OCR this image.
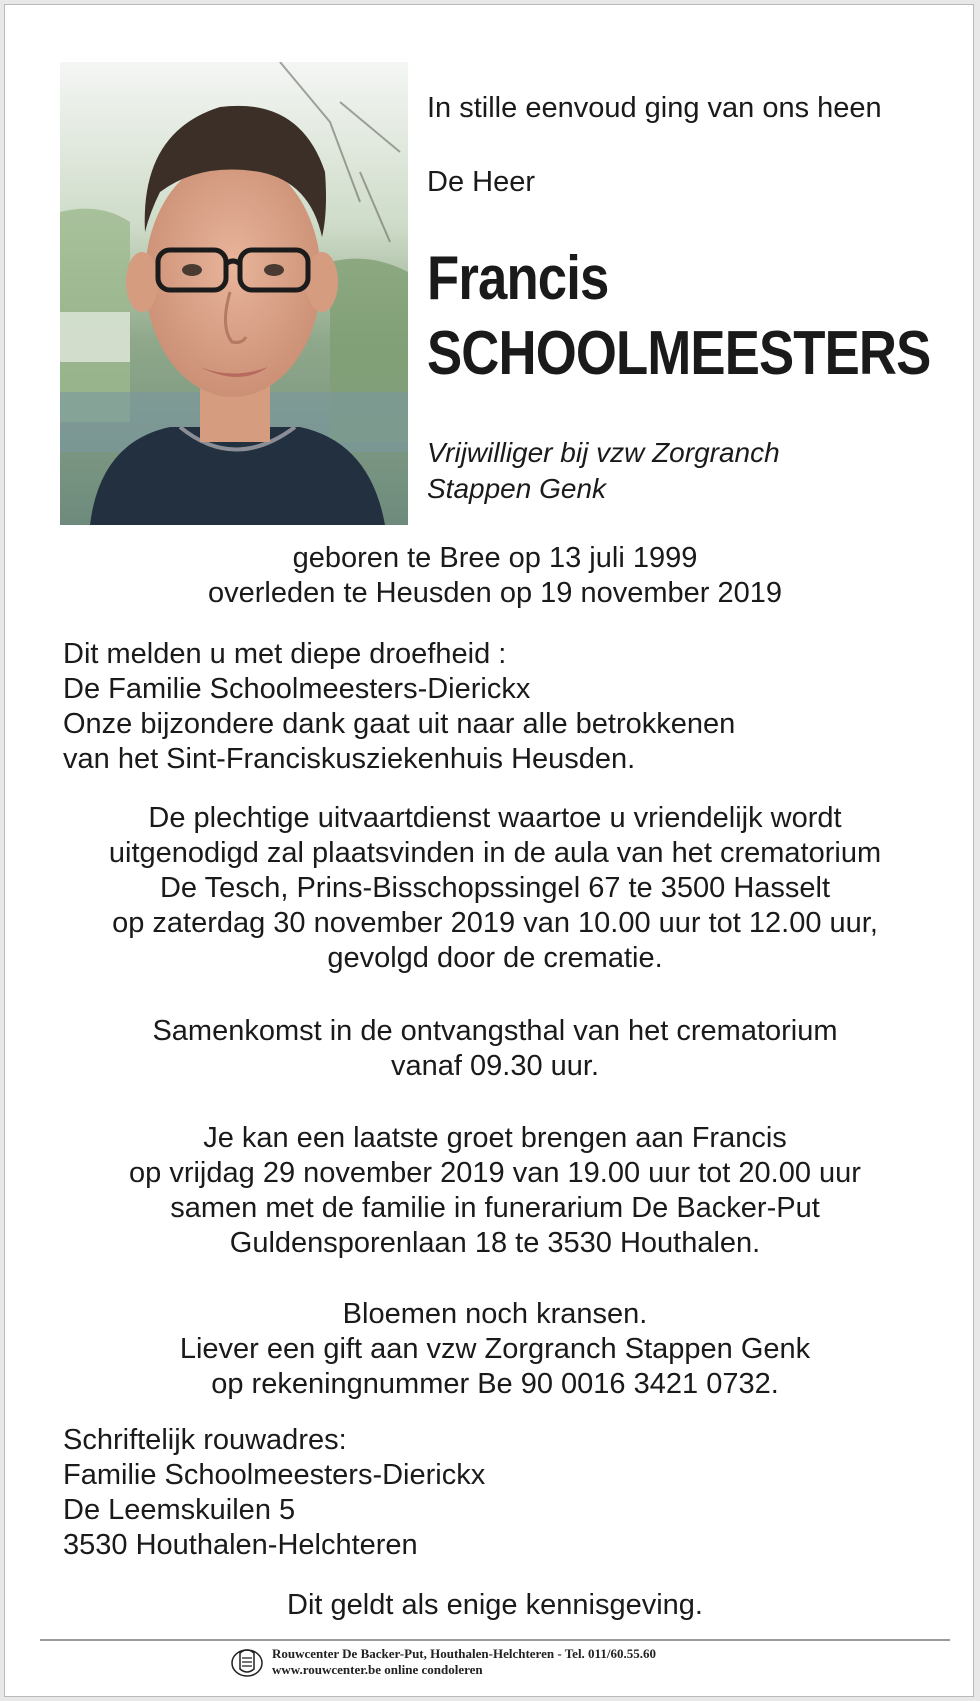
In stille eenvoud ging van ons heen

De Heer

Francis

SCHOOLMEESTERS

Vrijwilliger bij vzw Zorgranch
Stappen Genk

geboren te Bree op 13 juli 1999
overleden te Heusden op 19 november 2019

Dit melden u met diepe droefheid :
De Familie Schoolmeesters-Dierickx
Onze bijzondere dank gaat uit naar alle betrokkenen
van het Sint-Franciskusziekenhuis Heusden.

De plechtige uitvaartdienst waartoe u vriendelijk wordt
uitgenodigd zal plaatsvinden in de aula van het crematorium
De Tesch, Prins-Bisschopssingel 67 te 3500 Hasselt
op zaterdag 30 november 2019 van 10.00 uur tot 12.00 uur,
gevolgd door de crematie.

Samenkomst in de ontvangsthal van het crematorium
vanaf 09.30 uur.

Je kan een laatste groet brengen aan Francis
op vrijdag 29 november 2019 van 19.00 uur tot 20.00 uur
samen met de familie in funerarium De Backer-Put
Guldensporenlaan 18 te 3530 Houthalen.

Bloemen noch kransen.
Liever een gift aan vzw Zorgranch Stappen Genk
op rekeningnummer Be 90 0016 3421 0732.

Schriftelijk rouwadres:
Familie Schoolmeesters-Dierickx
De Leemskuilen 5
3530 Houthalen-Helchteren

Dit geldt als enige kennisgeving.

Rouwcenter De Backer-Put, Houthalen-Helchteren - Tel. 011/60.55.60
www.rouwcenter.be online condoleren
